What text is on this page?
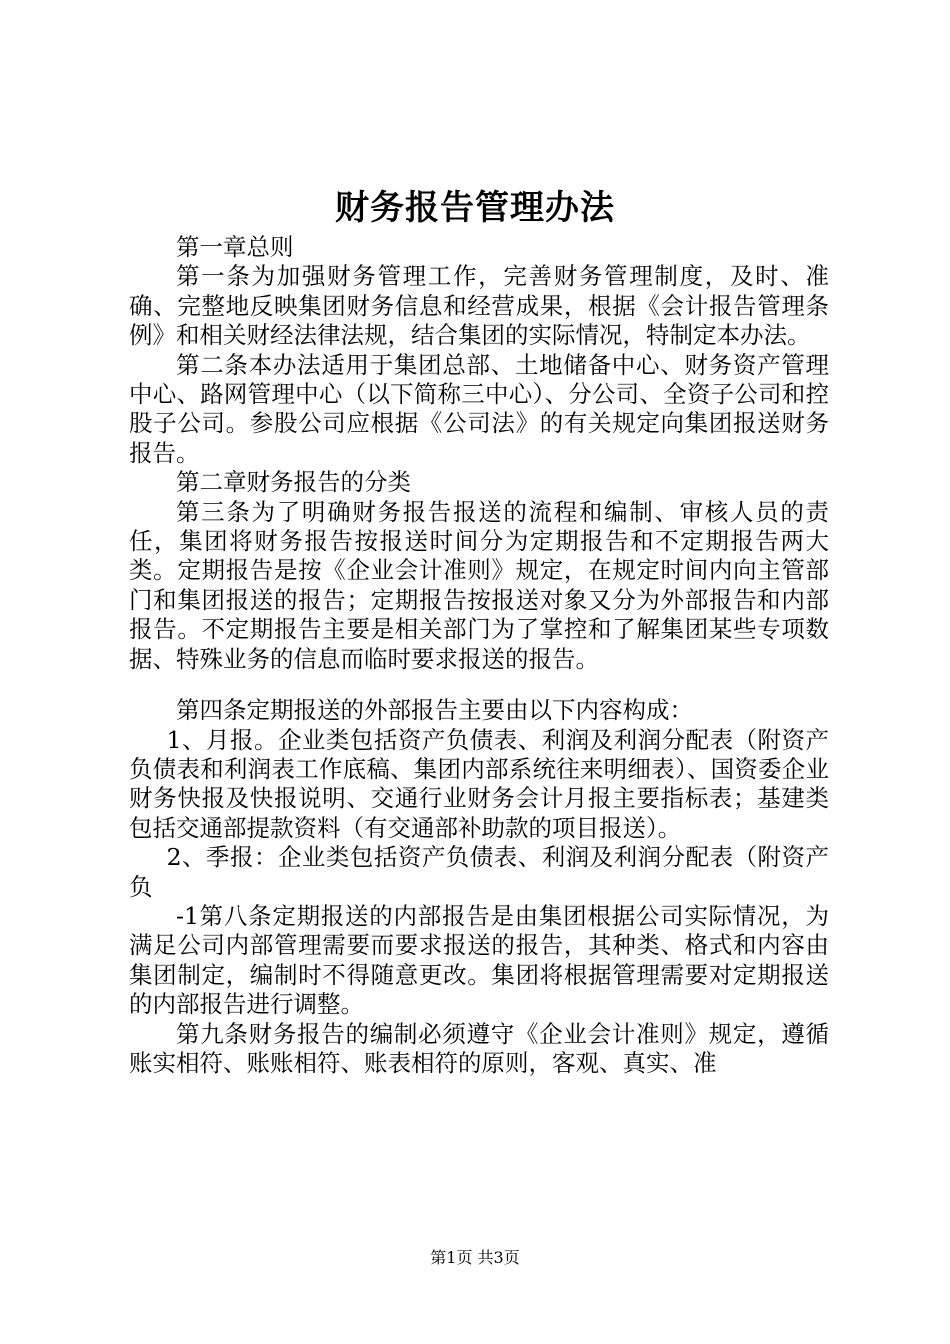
财务报告管理办法

第一章总则

第一条为加强财务管理工作，完善财务管理制度，及时、准确、完整地反映集团财务信息和经营成果，根据《会计报告管理条例》和相关财经法律法规，结合集团的实际情况，特制定本办法。

第二条本办法适用于集团总部、土地储备中心、财务资产管理中心、路网管理中心（以下简称三中心）、分公司、全资子公司和控股子公司。参股公司应根据《公司法》的有关规定向集团报送财务报告。

第二章财务报告的分类

第三条为了明确财务报告报送的流程和编制、审核人员的责任，集团将财务报告按报送时间分为定期报告和不定期报告两大类。定期报告是按《企业会计准则》规定，在规定时间内向主管部门和集团报送的报告；定期报告按报送对象又分为外部报告和内部报告。不定期报告主要是相关部门为了掌控和了解集团某些专项数据、特殊业务的信息而临时要求报送的报告。

第四条定期报送的外部报告主要由以下内容构成：

1、月报。企业类包括资产负债表、利润及利润分配表（附资产负债表和利润表工作底稿、集团内部系统往来明细表）、国资委企业财务快报及快报说明、交通行业财务会计月报主要指标表；基建类包括交通部提款资料（有交通部补助款的项目报送）。

2、季报：企业类包括资产负债表、利润及利润分配表（附资产负

-1第八条定期报送的内部报告是由集团根据公司实际情况，为满足公司内部管理需要而要求报送的报告，其种类、格式和内容由集团制定，编制时不得随意更改。集团将根据管理需要对定期报送的内部报告进行调整。

第九条财务报告的编制必须遵守《企业会计准则》规定，遵循账实相符、账账相符、账表相符的原则，客观、真实、准

第1页 共3页
